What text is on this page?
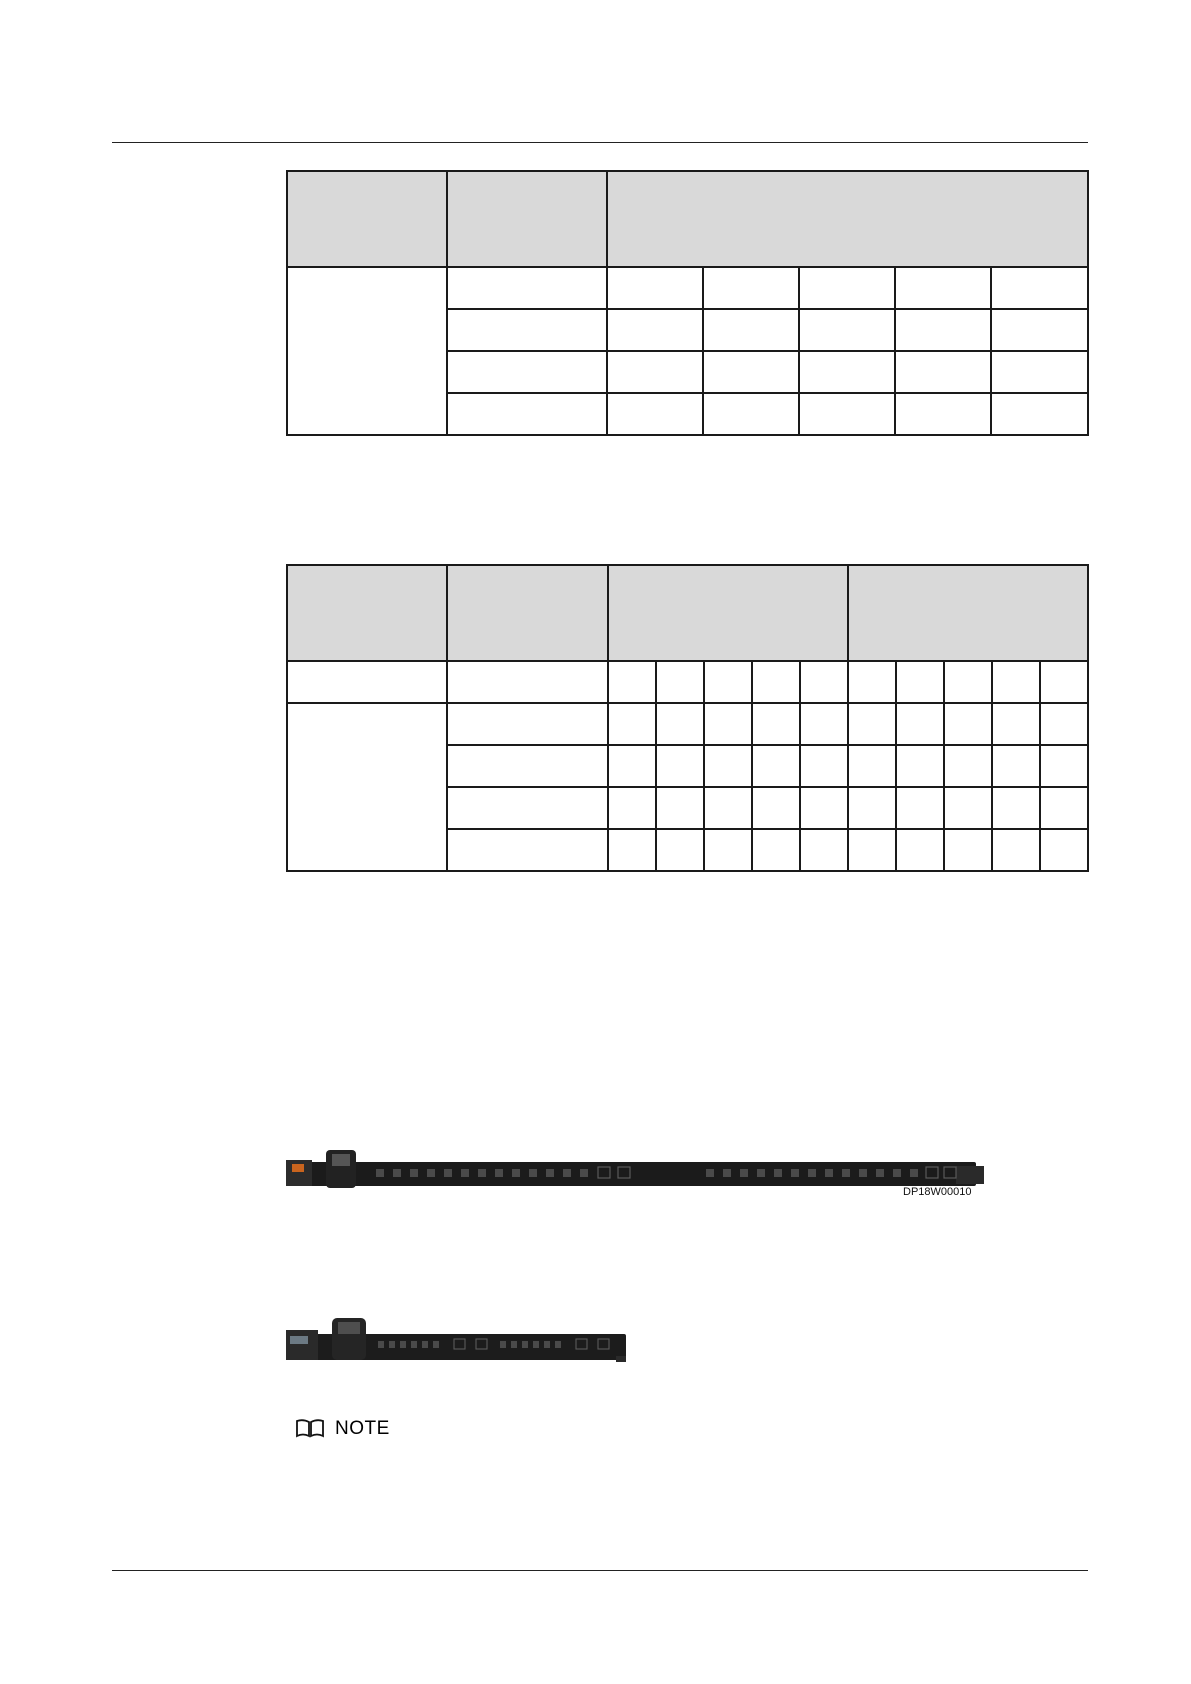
DP18W00010
NOTE
